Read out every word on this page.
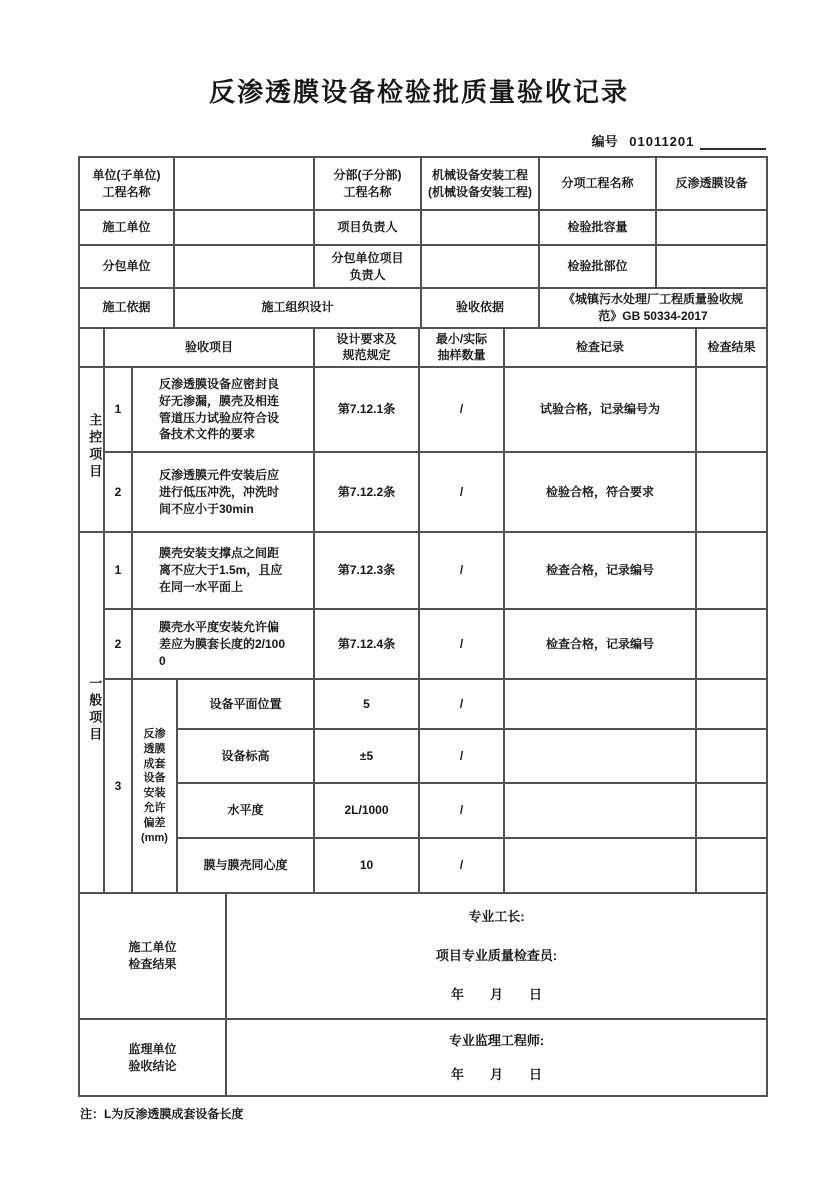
反渗透膜设备检验批质量验收记录
编号 01011201
单位(子单位)工程名称		分部(子分部)工程名称	机械设备安装工程(机械设备安装工程)	分项工程名称	反渗透膜设备
施工单位		项目负责人		检验批容量	
分包单位		分包单位项目负责人		检验批部位	
施工依据	施工组织设计		验收依据	《城镇污水处理厂工程质量验收规范》GB 50334-2017	
	验收项目			设计要求及规范规定	最小/实际抽样数量	检查记录	检查结果
主控项目	1	反渗透膜设备应密封良好无渗漏，膜壳及相连管道压力试验应符合设备技术文件的要求		第7.12.1条	/	试验合格，记录编号为	
	2	反渗透膜元件安装后应进行低压冲洗，冲洗时间不应小于30min		第7.12.2条	/	检验合格，符合要求	
一般项目	1	膜壳安装支撑点之间距离不应大于1.5m，且应在同一水平面上		第7.12.3条	/	检查合格，记录编号	
	2	膜壳水平度安装允许偏差应为膜套长度的2/1000		第7.12.4条	/	检查合格，记录编号	
	3	反渗透膜成套设备安装允许偏差(mm)	设备平面位置	5	/		
			设备标高	±5	/		
			水平度	2L/1000	/		
			膜与膜壳同心度	10	/		
施工单位检查结果	专业工长:
项目专业质量检查员:
年　　月　　日

监理单位验收结论	专业监理工程师:
年　　月　　日
注：L为反渗透膜成套设备长度
